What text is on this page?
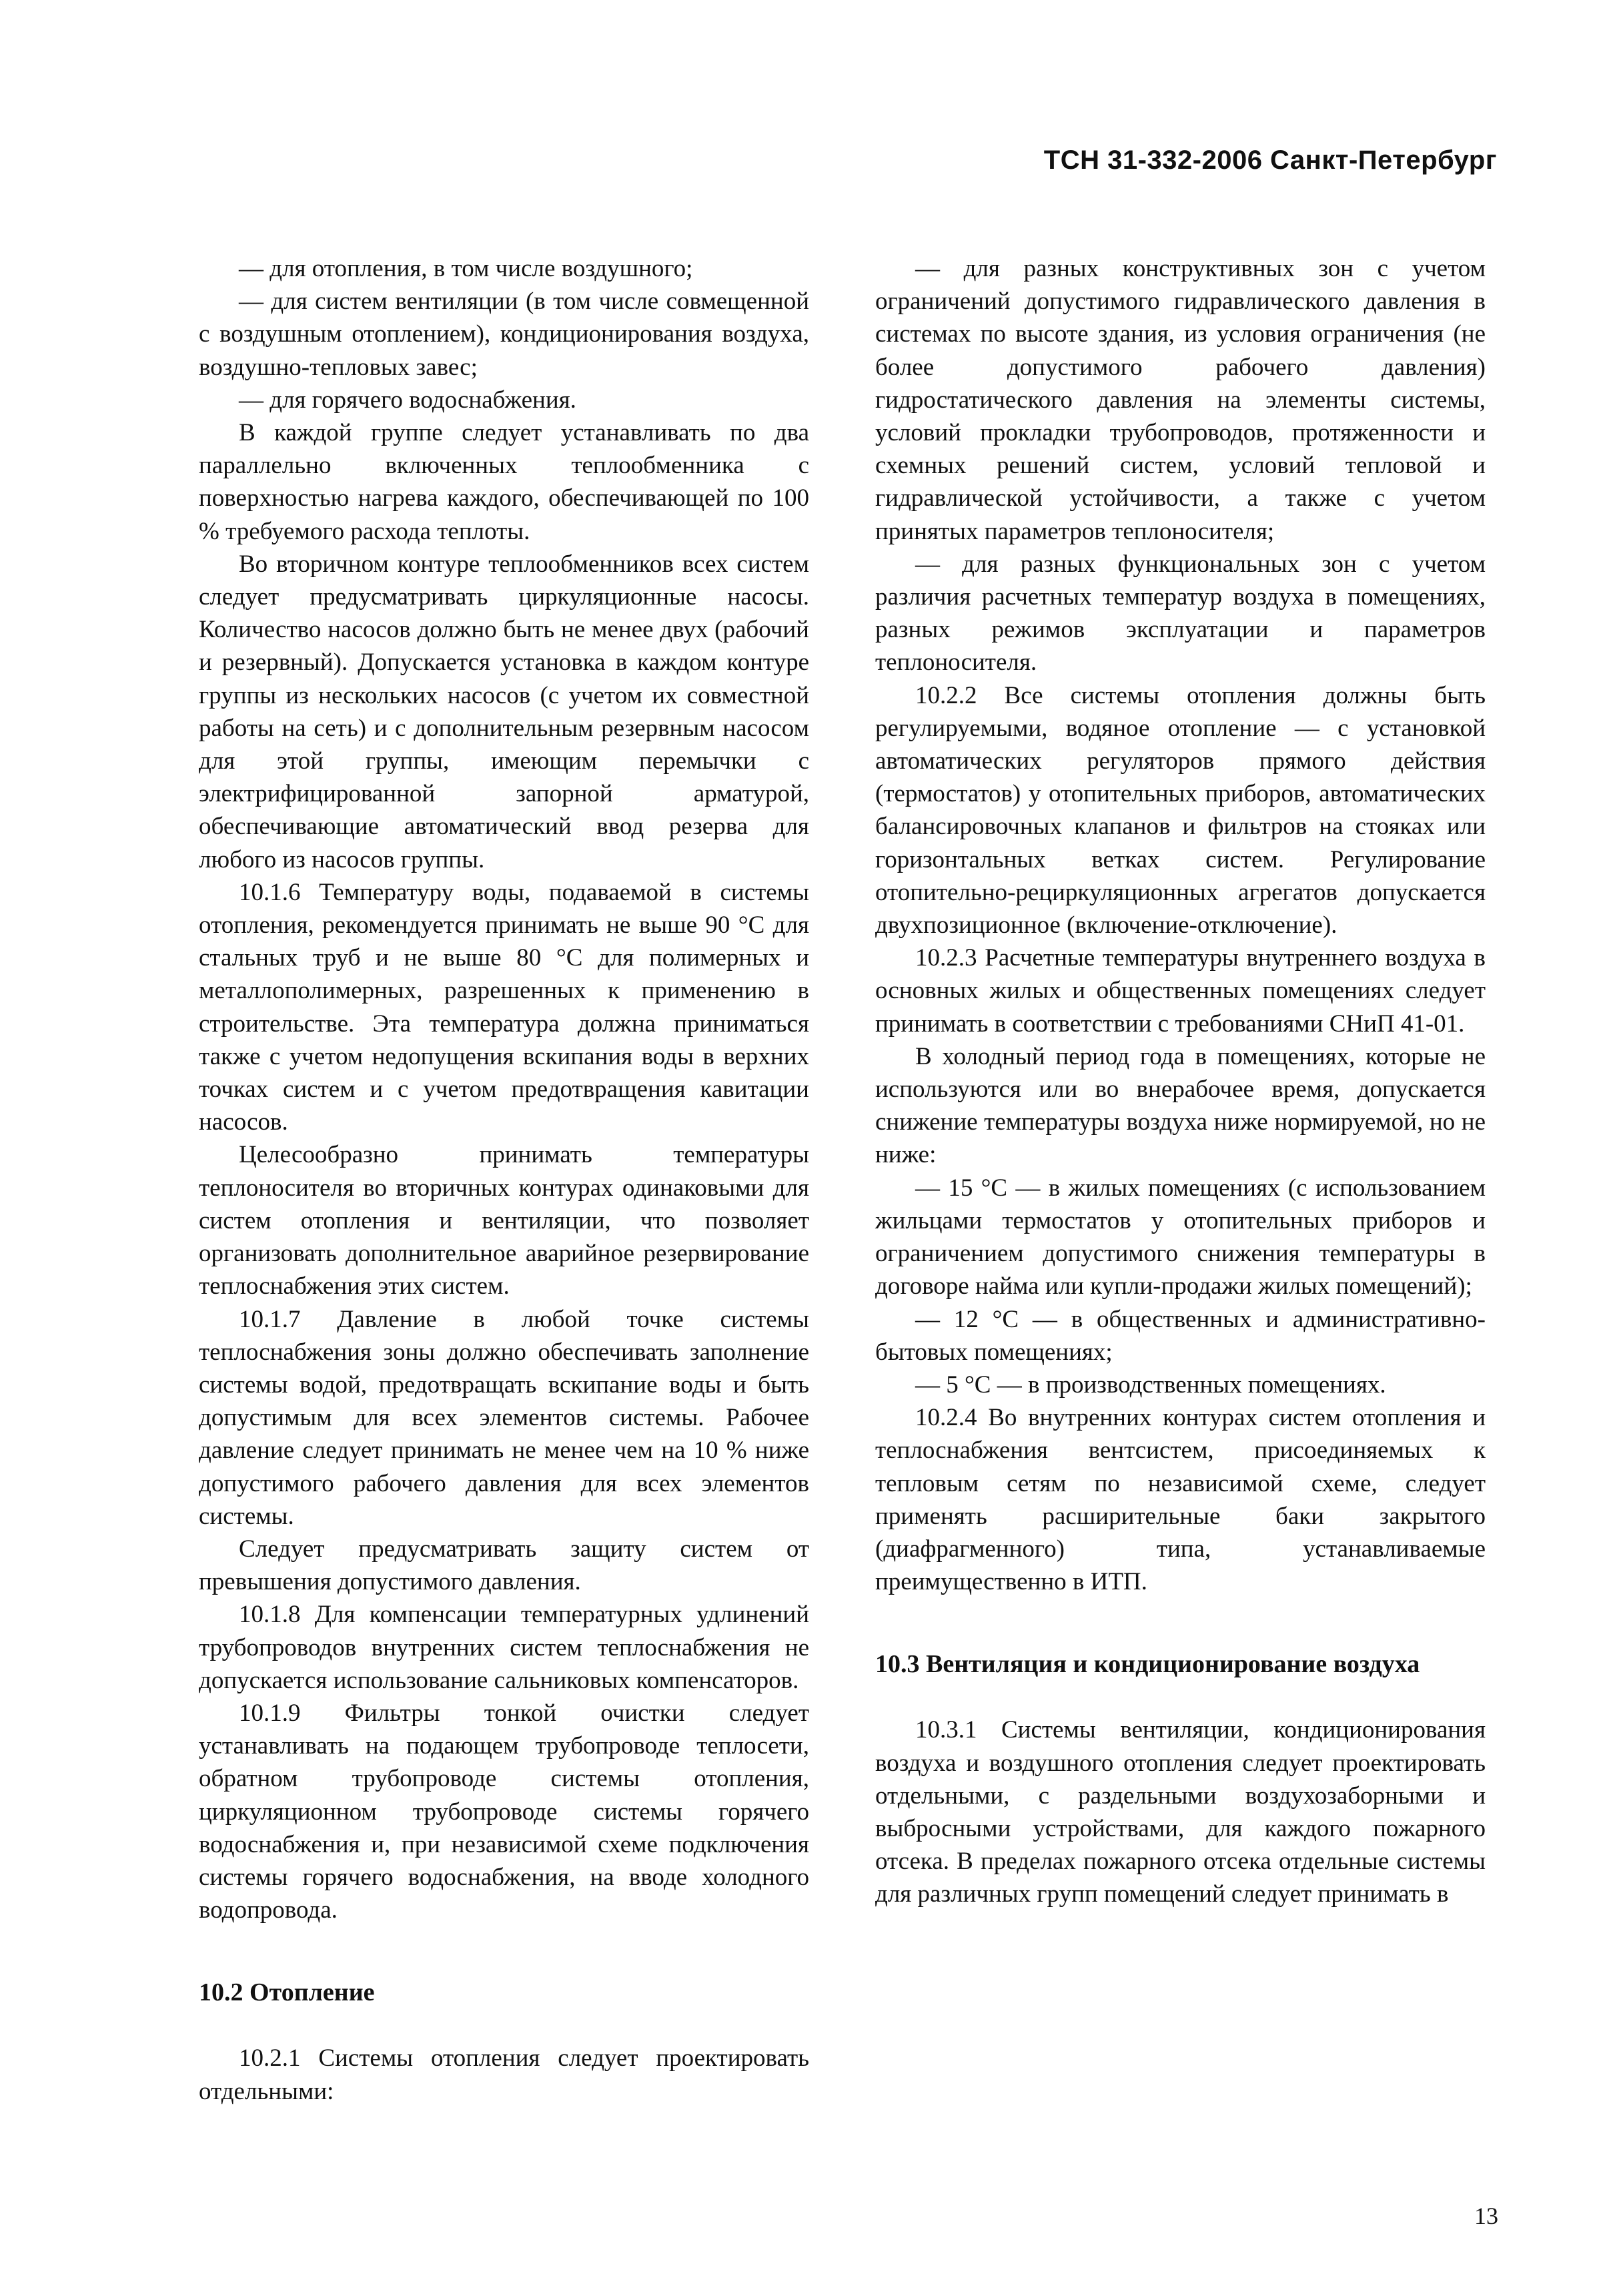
ТСН 31-332-2006 Санкт-Петербург

— для отопления, в том числе воздушного;

— для систем вентиляции (в том числе совмещенной с воздушным отоплением), кондиционирования воздуха, воздушно-тепловых завес;

— для горячего водоснабжения.

В каждой группе следует устанавливать по два параллельно включенных теплообменника с поверхностью нагрева каждого, обеспечивающей по 100 % требуемого расхода теплоты.

Во вторичном контуре теплообменников всех систем следует предусматривать циркуляционные насосы. Количество насосов должно быть не менее двух (рабочий и резервный). Допускается установка в каждом контуре группы из нескольких насосов (с учетом их совместной работы на сеть) и с дополнительным резервным насосом для этой группы, имеющим перемычки с электрифицированной запорной арматурой, обеспечивающие автоматический ввод резерва для любого из насосов группы.

10.1.6 Температуру воды, подаваемой в системы отопления, рекомендуется принимать не выше 90 °С для стальных труб и не выше 80 °С для полимерных и металлополимерных, разрешенных к применению в строительстве. Эта температура должна приниматься также с учетом недопущения вскипания воды в верхних точках систем и с учетом предотвращения кавитации насосов.

Целесообразно принимать температуры теплоносителя во вторичных контурах одинаковыми для систем отопления и вентиляции, что позволяет организовать дополнительное аварийное резервирование теплоснабжения этих систем.

10.1.7 Давление в любой точке системы теплоснабжения зоны должно обеспечивать заполнение системы водой, предотвращать вскипание воды и быть допустимым для всех элементов системы. Рабочее давление следует принимать не менее чем на 10 % ниже допустимого рабочего давления для всех элементов системы.

Следует предусматривать защиту систем от превышения допустимого давления.

10.1.8 Для компенсации температурных удлинений трубопроводов внутренних систем теплоснабжения не допускается использование сальниковых компенсаторов.

10.1.9 Фильтры тонкой очистки следует устанавливать на подающем трубопроводе теплосети, обратном трубопроводе системы отопления, циркуляционном трубопроводе системы горячего водоснабжения и, при независимой схеме подключения системы горячего водоснабжения, на вводе холодного водопровода.

10.2 Отопление

10.2.1 Системы отопления следует проектировать отдельными:

— для разных конструктивных зон с учетом ограничений допустимого гидравлического давления в системах по высоте здания, из условия ограничения (не более допустимого рабочего давления) гидростатического давления на элементы системы, условий прокладки трубопроводов, протяженности и схемных решений систем, условий тепловой и гидравлической устойчивости, а также с учетом принятых параметров теплоносителя;

— для разных функциональных зон с учетом различия расчетных температур воздуха в помещениях, разных режимов эксплуатации и параметров теплоносителя.

10.2.2 Все системы отопления должны быть регулируемыми, водяное отопление — с установкой автоматических регуляторов прямого действия (термостатов) у отопительных приборов, автоматических балансировочных клапанов и фильтров на стояках или горизонтальных ветках систем. Регулирование отопительно-рециркуляционных агрегатов допускается двухпозиционное (включение-отключение).

10.2.3 Расчетные температуры внутреннего воздуха в основных жилых и общественных помещениях следует принимать в соответствии с требованиями СНиП 41-01.

В холодный период года в помещениях, которые не используются или во внерабочее время, допускается снижение температуры воздуха ниже нормируемой, но не ниже:

— 15 °С — в жилых помещениях (с использованием жильцами термостатов у отопительных приборов и ограничением допустимого снижения температуры в договоре найма или купли-продажи жилых помещений);

— 12 °С — в общественных и административно-бытовых помещениях;

— 5 °С — в производственных помещениях.

10.2.4 Во внутренних контурах систем отопления и теплоснабжения вентсистем, присоединяемых к тепловым сетям по независимой схеме, следует применять расширительные баки закрытого (диафрагменного) типа, устанавливаемые преимущественно в ИТП.

10.3 Вентиляция и кондиционирование воздуха

10.3.1 Системы вентиляции, кондиционирования воздуха и воздушного отопления следует проектировать отдельными, с раздельными воздухозаборными и выбросными устройствами, для каждого пожарного отсека. В пределах пожарного отсека отдельные системы для различных групп помещений следует принимать в

13
